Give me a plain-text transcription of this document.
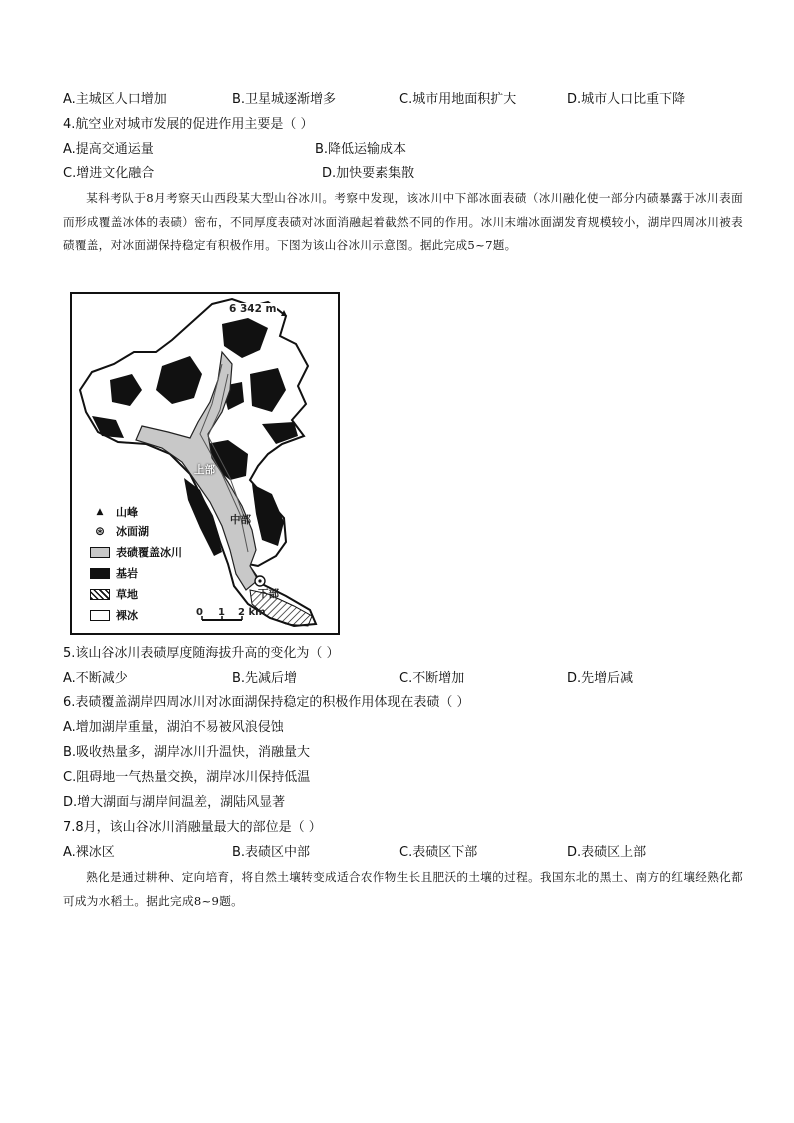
A.主城区人口增加	B.卫星城逐渐增多	C.城市用地面积扩大	D.城市人口比重下降
4.航空业对城市发展的促进作用主要是（ ）
A.提高交通运量	B.降低运输成本
C.增进文化融合	D.加快要素集散
某科考队于8月考察天山西段某大型山谷冰川。考察中发现，该冰川中下部冰面表碛（冰川融化使一部分内碛暴露于冰川表面而形成覆盖冰体的表碛）密布，不同厚度表碛对冰面消融起着截然不同的作用。冰川末端冰面湖发育规模较小，湖岸四周冰川被表碛覆盖，对冰面湖保持稳定有积极作用。下图为该山谷冰川示意图。据此完成5~7题。
6 342 m
上部
中部
下部
0 1 2 km
▲	山峰
⊛ 冰面湖
表碛覆盖冰川
基岩
草地
裸冰
5.该山谷冰川表碛厚度随海拔升高的变化为（ ）
A.不断减少	B.先减后增	C.不断增加	D.先增后减
6.表碛覆盖湖岸四周冰川对冰面湖保持稳定的积极作用体现在表碛（ ）
A.增加湖岸重量，湖泊不易被风浪侵蚀
B.吸收热量多，湖岸冰川升温快，消融量大
C.阻碍地一气热量交换，湖岸冰川保持低温
D.增大湖面与湖岸间温差，湖陆风显著
7.8月，该山谷冰川消融量最大的部位是（ ）
A.裸冰区	B.表碛区中部	C.表碛区下部	D.表碛区上部
熟化是通过耕种、定向培育，将自然土壤转变成适合农作物生长且肥沃的土壤的过程。我国东北的黑土、南方的红壤经熟化都可成为水稻土。据此完成8~9题。
